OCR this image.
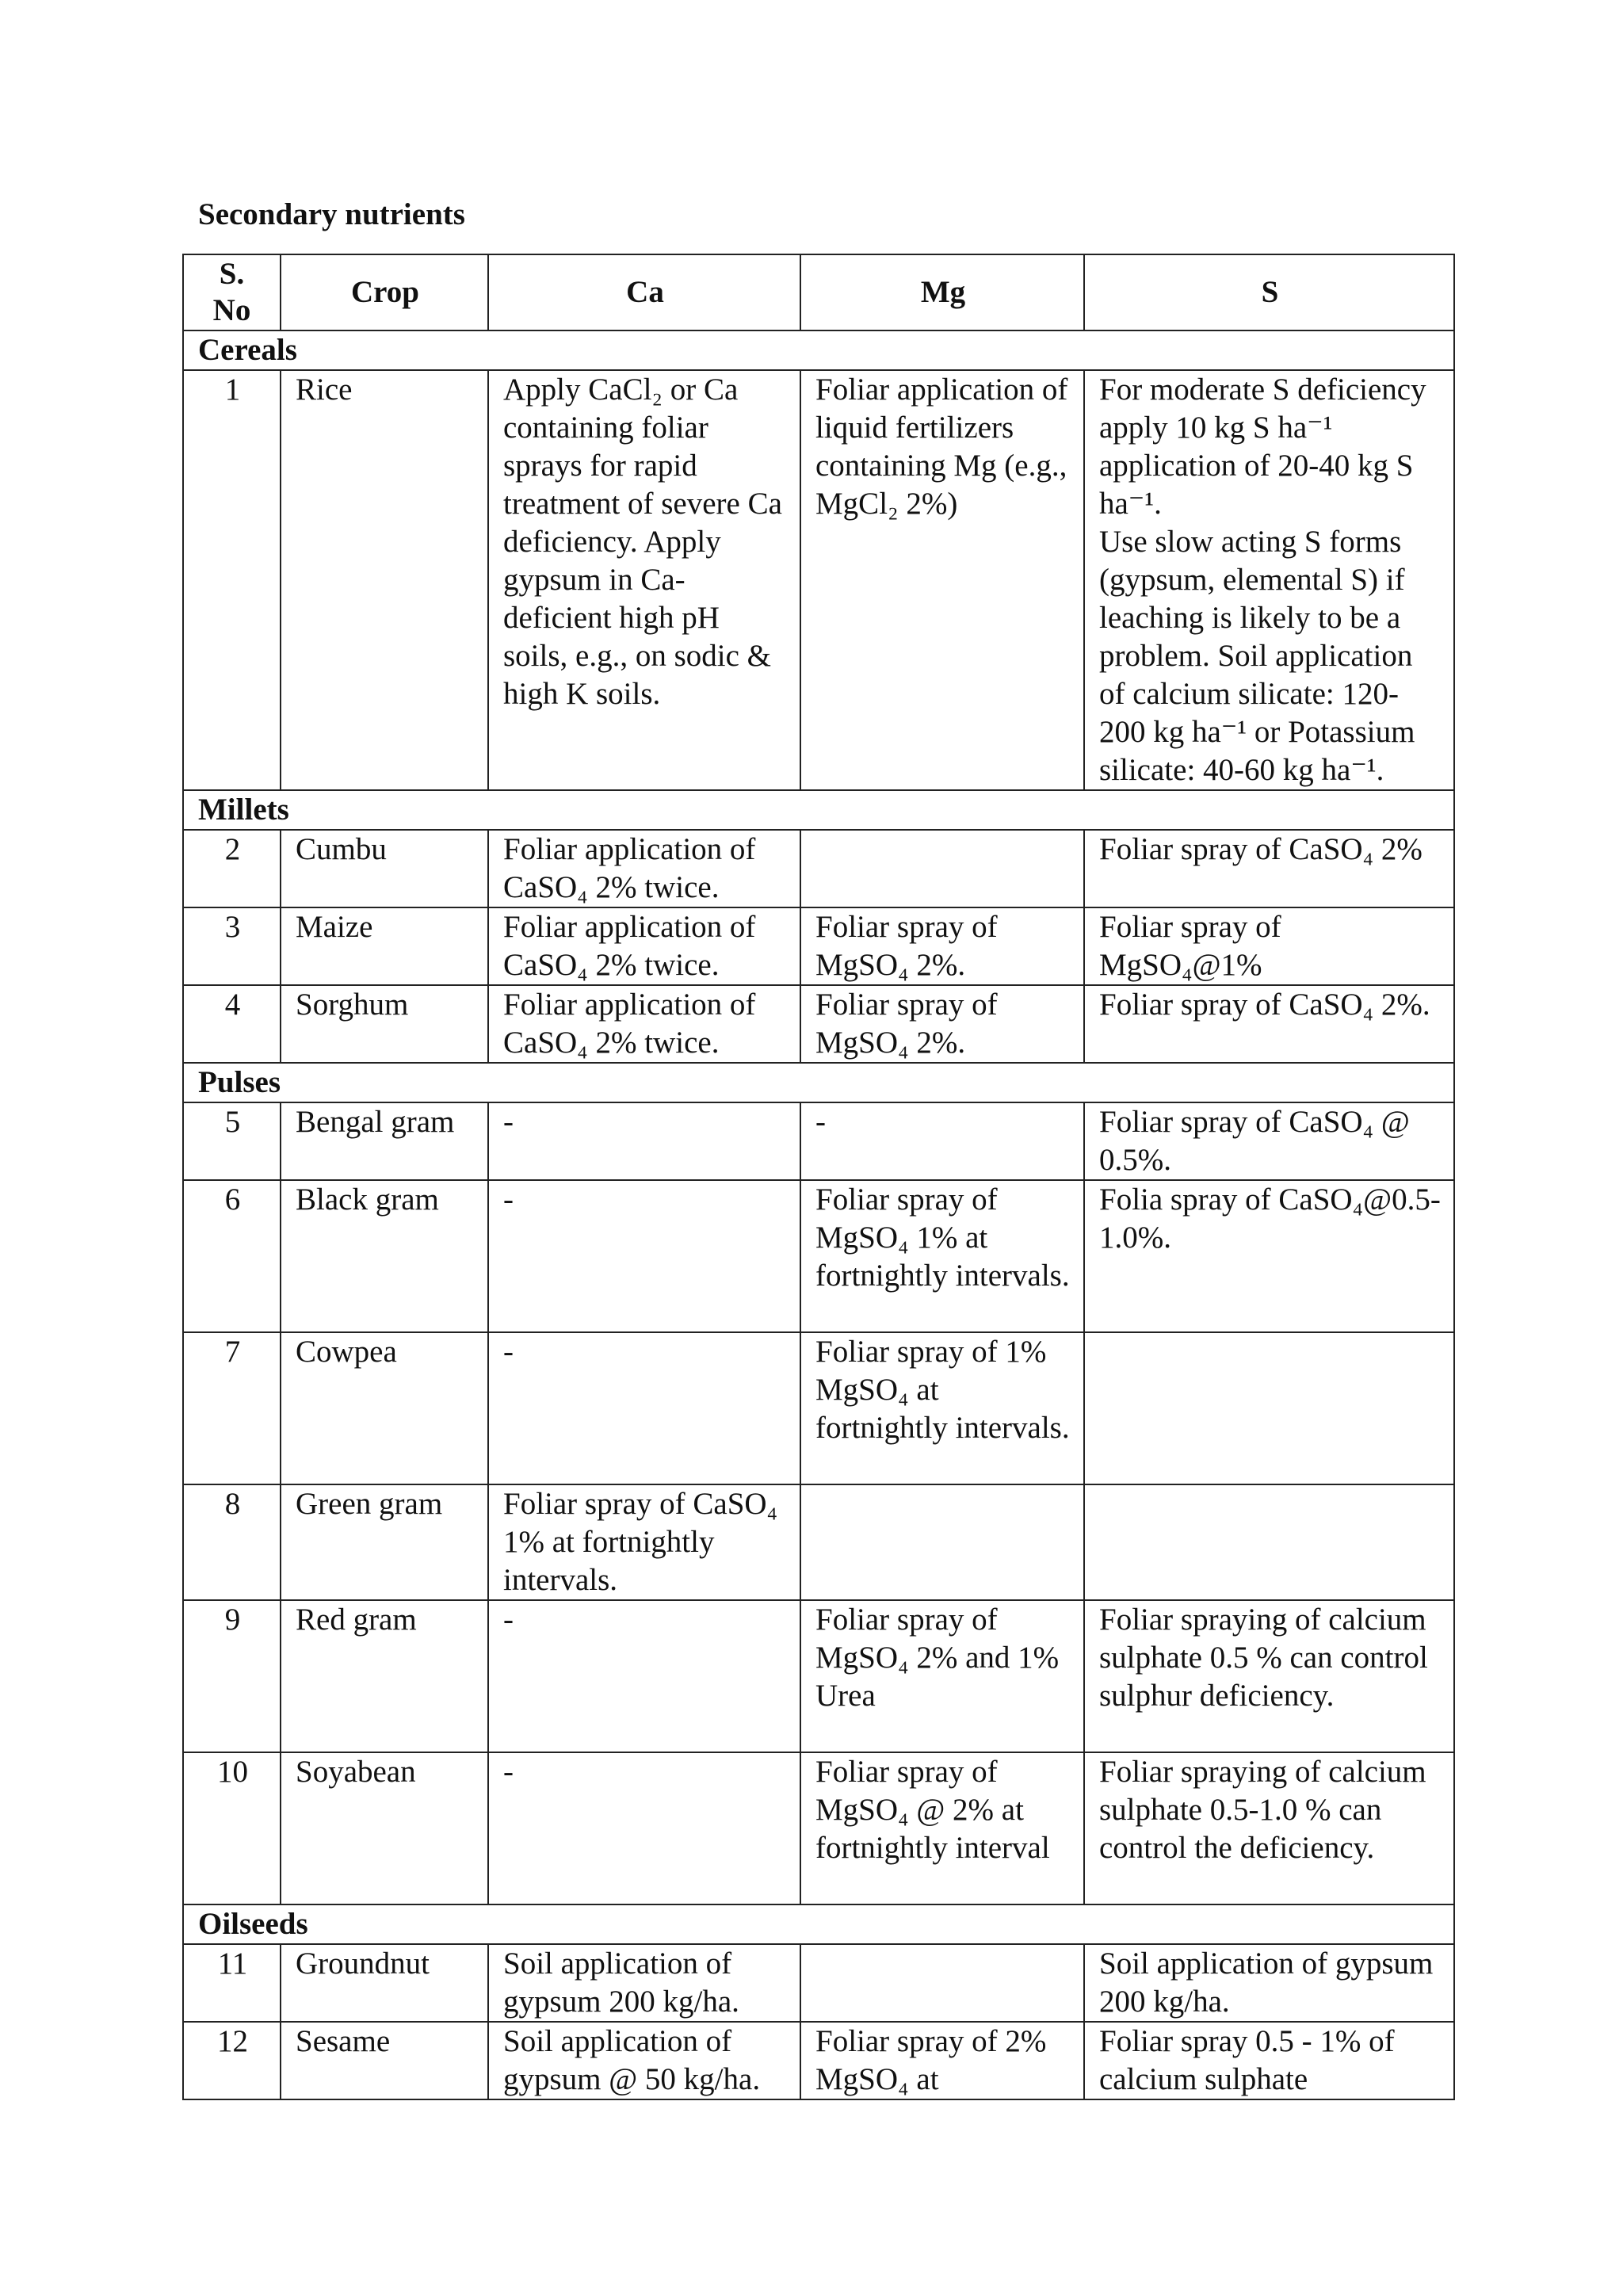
Secondary nutrients
S.
No	Crop	Ca	Mg	S
Cereals				
1	Rice	Apply CaCl₂ or Ca containing foliar sprays for rapid treatment of severe Ca deficiency. Apply gypsum in Ca-deficient high pH soils, e.g., on sodic & high K soils.	Foliar application of liquid fertilizers containing Mg (e.g., MgCl₂ 2%)	For moderate S deficiency apply 10 kg S ha⁻¹ application of 20-40 kg S ha⁻¹.
Use slow acting S forms (gypsum, elemental S) if leaching is likely to be a problem. Soil application of calcium silicate: 120-200 kg ha⁻¹ or Potassium silicate: 40-60 kg ha⁻¹.
Millets				
2	Cumbu	Foliar application of CaSO₄ 2% twice.		Foliar spray of CaSO₄ 2%
3	Maize	Foliar application of CaSO₄ 2% twice.	Foliar spray of MgSO₄ 2%.	Foliar spray of MgSO₄@1%
4	Sorghum	Foliar application of CaSO₄ 2% twice.	Foliar spray of MgSO₄ 2%.	Foliar spray of CaSO₄ 2%.
Pulses				
5	Bengal gram	-	-	Foliar spray of CaSO₄ @ 0.5%.
6	Black gram	-	Foliar spray of MgSO₄ 1% at fortnightly intervals.	Folia spray of CaSO₄@0.5-1.0%.
7	Cowpea	-	Foliar spray of 1% MgSO₄ at fortnightly intervals.	
8	Green gram	Foliar spray of CaSO₄ 1% at fortnightly intervals.		
9	Red gram	-	Foliar spray of MgSO₄ 2% and 1% Urea	Foliar spraying of calcium sulphate 0.5 % can control sulphur deficiency.
10	Soyabean	-	Foliar spray of MgSO₄ @ 2% at fortnightly interval	Foliar spraying of calcium sulphate 0.5-1.0 % can control the deficiency.
Oilseeds				
11	Groundnut	Soil application of gypsum 200 kg/ha.		Soil application of gypsum 200 kg/ha.
12	Sesame	Soil application of gypsum @ 50 kg/ha.	Foliar spray of 2% MgSO₄ at	Foliar spray 0.5 - 1% of calcium sulphate
